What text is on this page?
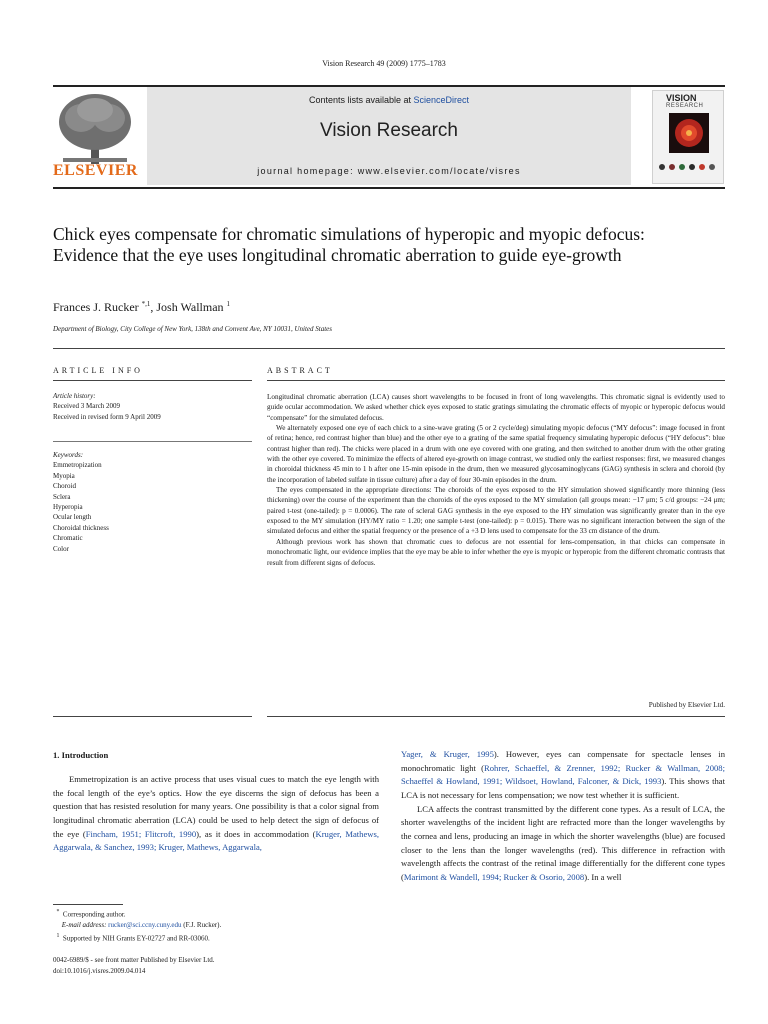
Vision Research 49 (2009) 1775–1783
ELSEVIER
Contents lists available at ScienceDirect
Vision Research
journal homepage: www.elsevier.com/locate/visres
VISION
RESEARCH
Chick eyes compensate for chromatic simulations of hyperopic and myopic defocus: Evidence that the eye uses longitudinal chromatic aberration to guide eye-growth
Frances J. Rucker $^{*,1}$, Josh Wallman $^1$
Department of Biology, City College of New York, 138th and Convent Ave, NY 10031, United States
ARTICLE INFO	ABSTRACT
Article history:
Received 3 March 2009
Received in revised form 9 April 2009
Keywords:
Emmetropization
Myopia
Choroid
Sclera
Hyperopia
Ocular length
Choroidal thickness
Chromatic
Color

Longitudinal chromatic aberration (LCA) causes short wavelengths to be focused in front of long wavelengths. This chromatic signal is evidently used to guide ocular accommodation. We asked whether chick eyes exposed to static gratings simulating the chromatic effects of myopic or hyperopic defocus would “compensate” for the simulated defocus.

We alternately exposed one eye of each chick to a sine-wave grating (5 or 2 cycle/deg) simulating myopic defocus (“MY defocus”: image focused in front of retina; hence, red contrast higher than blue) and the other eye to a grating of the same spatial frequency simulating hyperopic defocus (“HY defocus”: blue contrast higher than red). The chicks were placed in a drum with one eye covered with one grating, and then switched to another drum with the other grating with the other eye covered. To minimize the effects of altered eye-growth on image contrast, we studied only the earliest responses: first, we measured changes in choroidal thickness 45 min to 1 h after one 15-min episode in the drum, then we measured glycosaminoglycans (GAG) synthesis in sclera and choroid (by the incorporation of labeled sulfate in tissue culture) after a day of four 30-min episodes in the drum.

The eyes compensated in the appropriate directions: The choroids of the eyes exposed to the HY simulation showed significantly more thinning (less thickening) over the course of the experiment than the choroids of the eyes exposed to the MY simulation (all groups mean: −17 μm; 5 c/d groups: −24 μm; paired t-test (one-tailed): p = 0.0006). The rate of scleral GAG synthesis in the eye exposed to the HY simulation was significantly greater than in the eye exposed to the MY simulation (HY/MY ratio = 1.20; one sample t-test (one-tailed): p = 0.015). There was no significant interaction between the sign of the simulated defocus and either the spatial frequency or the presence of a +3 D lens used to compensate for the 33 cm distance of the drum.

Although previous work has shown that chromatic cues to defocus are not essential for lens-compensation, in that chicks can compensate in monochromatic light, our evidence implies that the eye may be able to infer whether the eye is myopic or hyperopic from the different chromatic contrasts that result from different signs of defocus.

Published by Elsevier Ltd.
1. Introduction

Emmetropization is an active process that uses visual cues to match the eye length with the focal length of the eye’s optics. How the eye discerns the sign of defocus has been a question that has resisted resolution for many years. One possibility is that a color signal from longitudinal chromatic aberration (LCA) could be used to help detect the sign of defocus of the eye (Fincham, 1951; Flitcroft, 1990), as it does in accommodation (Kruger, Mathews, Aggarwala, & Sanchez, 1993; Kruger, Mathews, Aggarwala,

* Corresponding author.
E-mail address: rucker@sci.ccny.cuny.edu (F.J. Rucker).
$^1$ Supported by NIH Grants EY-02727 and RR-03060.
0042-6989/$ - see front matter Published by Elsevier Ltd.
doi:10.1016/j.visres.2009.04.014

Yager, & Kruger, 1995). However, eyes can compensate for spectacle lenses in monochromatic light (Rohrer, Schaeffel, & Zrenner, 1992; Rucker & Wallman, 2008; Schaeffel & Howland, 1991; Wildsoet, Howland, Falconer, & Dick, 1993). This shows that LCA is not necessary for lens compensation; we now test whether it is sufficient.

LCA affects the contrast transmitted by the different cone types. As a result of LCA, the shorter wavelengths of the incident light are refracted more than the longer wavelengths by the cornea and lens, producing an image in which the shorter wavelengths (blue) are focused closer to the lens than the longer wavelengths (red). This difference in refraction with wavelength affects the contrast of the retinal image differentially for the different cone types (Marimont & Wandell, 1994; Rucker & Osorio, 2008). In a well
